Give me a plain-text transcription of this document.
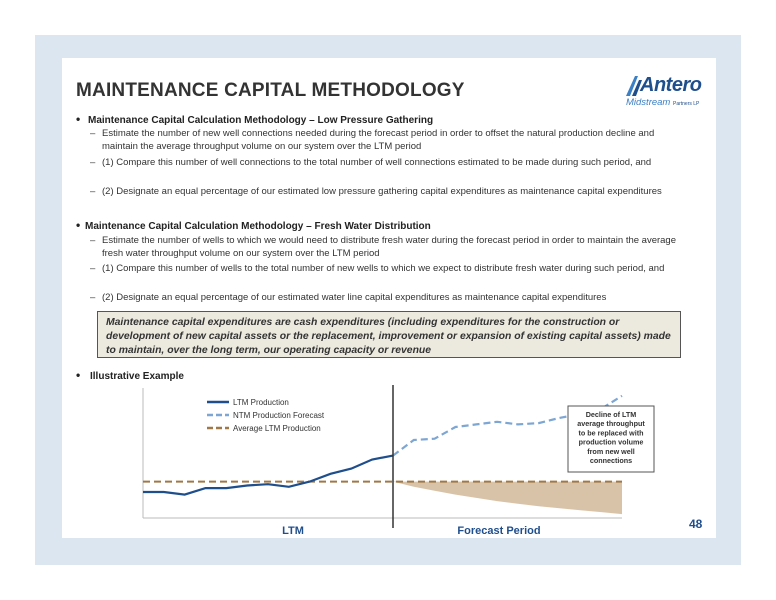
MAINTENANCE CAPITAL METHODOLOGY	Antero
Midstream Partners LP
• Maintenance Capital Calculation Methodology – Low Pressure Gathering
– Estimate the number of new well connections needed during the forecast period in order to offset the natural production decline and maintain the average throughput volume on our system over the LTM period
– (1) Compare this number of well connections to the total number of well connections estimated to be made during such period, and
– (2) Designate an equal percentage of our estimated low pressure gathering capital expenditures as maintenance capital expenditures
• Maintenance Capital Calculation Methodology – Fresh Water Distribution
– Estimate the number of wells to which we would need to distribute fresh water during the forecast period in order to maintain the average fresh water throughput volume on our system over the LTM period
– (1) Compare this number of wells to the total number of new wells to which we expect to distribute fresh water during such period, and
– (2) Designate an equal percentage of our estimated water line capital expenditures as maintenance capital expenditures
Maintenance capital expenditures are cash expenditures (including expenditures for the construction or development of new capital assets or the replacement, improvement or expansion of existing capital assets) made to maintain, over the long term, our operating capacity or revenue
• Illustrative Example
LTM Production
NTM Production Forecast
Average LTM Production
Decline of LTM average throughput to be replaced with production volume from new well connections
LTM	Forecast Period	48
